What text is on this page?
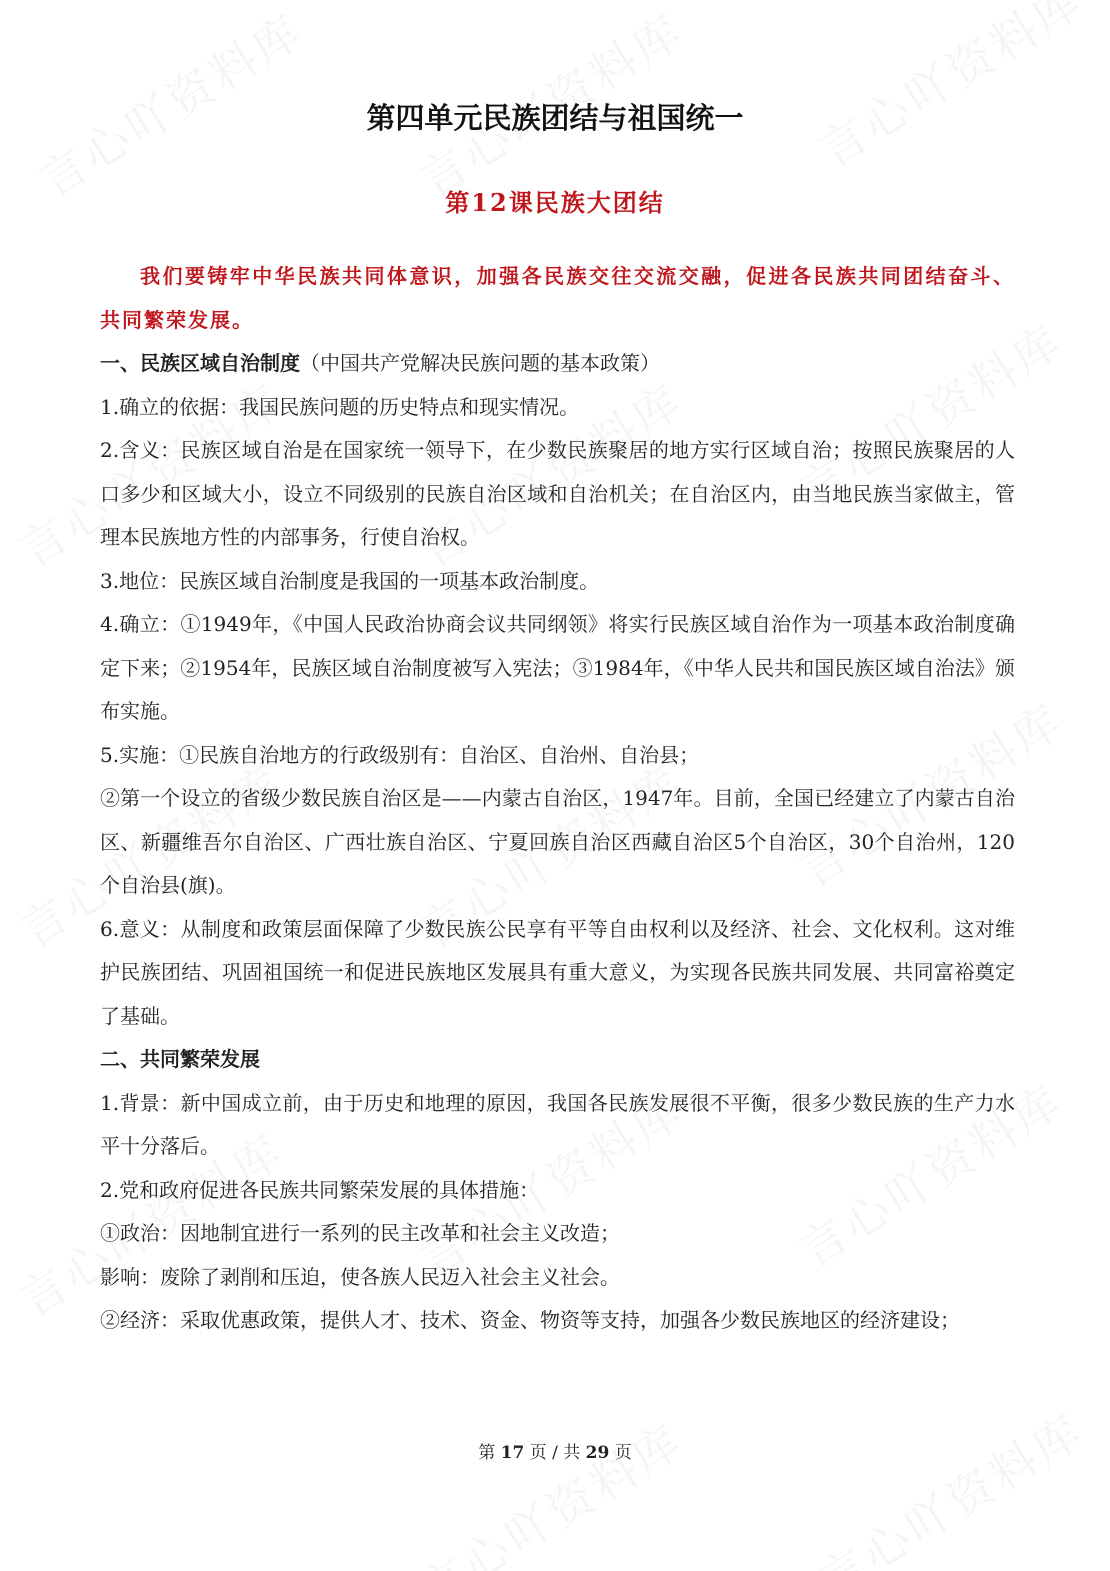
第四单元民族团结与祖国统一
第12课民族大团结

我们要铸牢中华民族共同体意识，加强各民族交往交流交融，促进各民族共同团结奋斗、共同繁荣发展。

一、民族区域自治制度（中国共产党解决民族问题的基本政策）

1.确立的依据：我国民族问题的历史特点和现实情况。

2.含义：民族区域自治是在国家统一领导下，在少数民族聚居的地方实行区域自治；按照民族聚居的人口多少和区域大小，设立不同级别的民族自治区域和自治机关；在自治区内，由当地民族当家做主，管理本民族地方性的内部事务，行使自治权。

3.地位：民族区域自治制度是我国的一项基本政治制度。

4.确立：①1949年，《中国人民政治协商会议共同纲领》将实行民族区域自治作为一项基本政治制度确定下来；②1954年，民族区域自治制度被写入宪法；③1984年，《中华人民共和国民族区域自治法》颁布实施。

5.实施：①民族自治地方的行政级别有：自治区、自治州、自治县；

②第一个设立的省级少数民族自治区是——内蒙古自治区，1947年。目前，全国已经建立了内蒙古自治区、新疆维吾尔自治区、广西壮族自治区、宁夏回族自治区西藏自治区5个自治区，30个自治州，120个自治县(旗)。

6.意义：从制度和政策层面保障了少数民族公民享有平等自由权利以及经济、社会、文化权利。这对维护民族团结、巩固祖国统一和促进民族地区发展具有重大意义，为实现各民族共同发展、共同富裕奠定了基础。

二、共同繁荣发展

1.背景：新中国成立前，由于历史和地理的原因，我国各民族发展很不平衡，很多少数民族的生产力水平十分落后。

2.党和政府促进各民族共同繁荣发展的具体措施：

①政治：因地制宜进行一系列的民主改革和社会主义改造；

影响：废除了剥削和压迫，使各族人民迈入社会主义社会。

②经济：采取优惠政策，提供人才、技术、资金、物资等支持，加强各少数民族地区的经济建设；

第 17 页 / 共 29 页
